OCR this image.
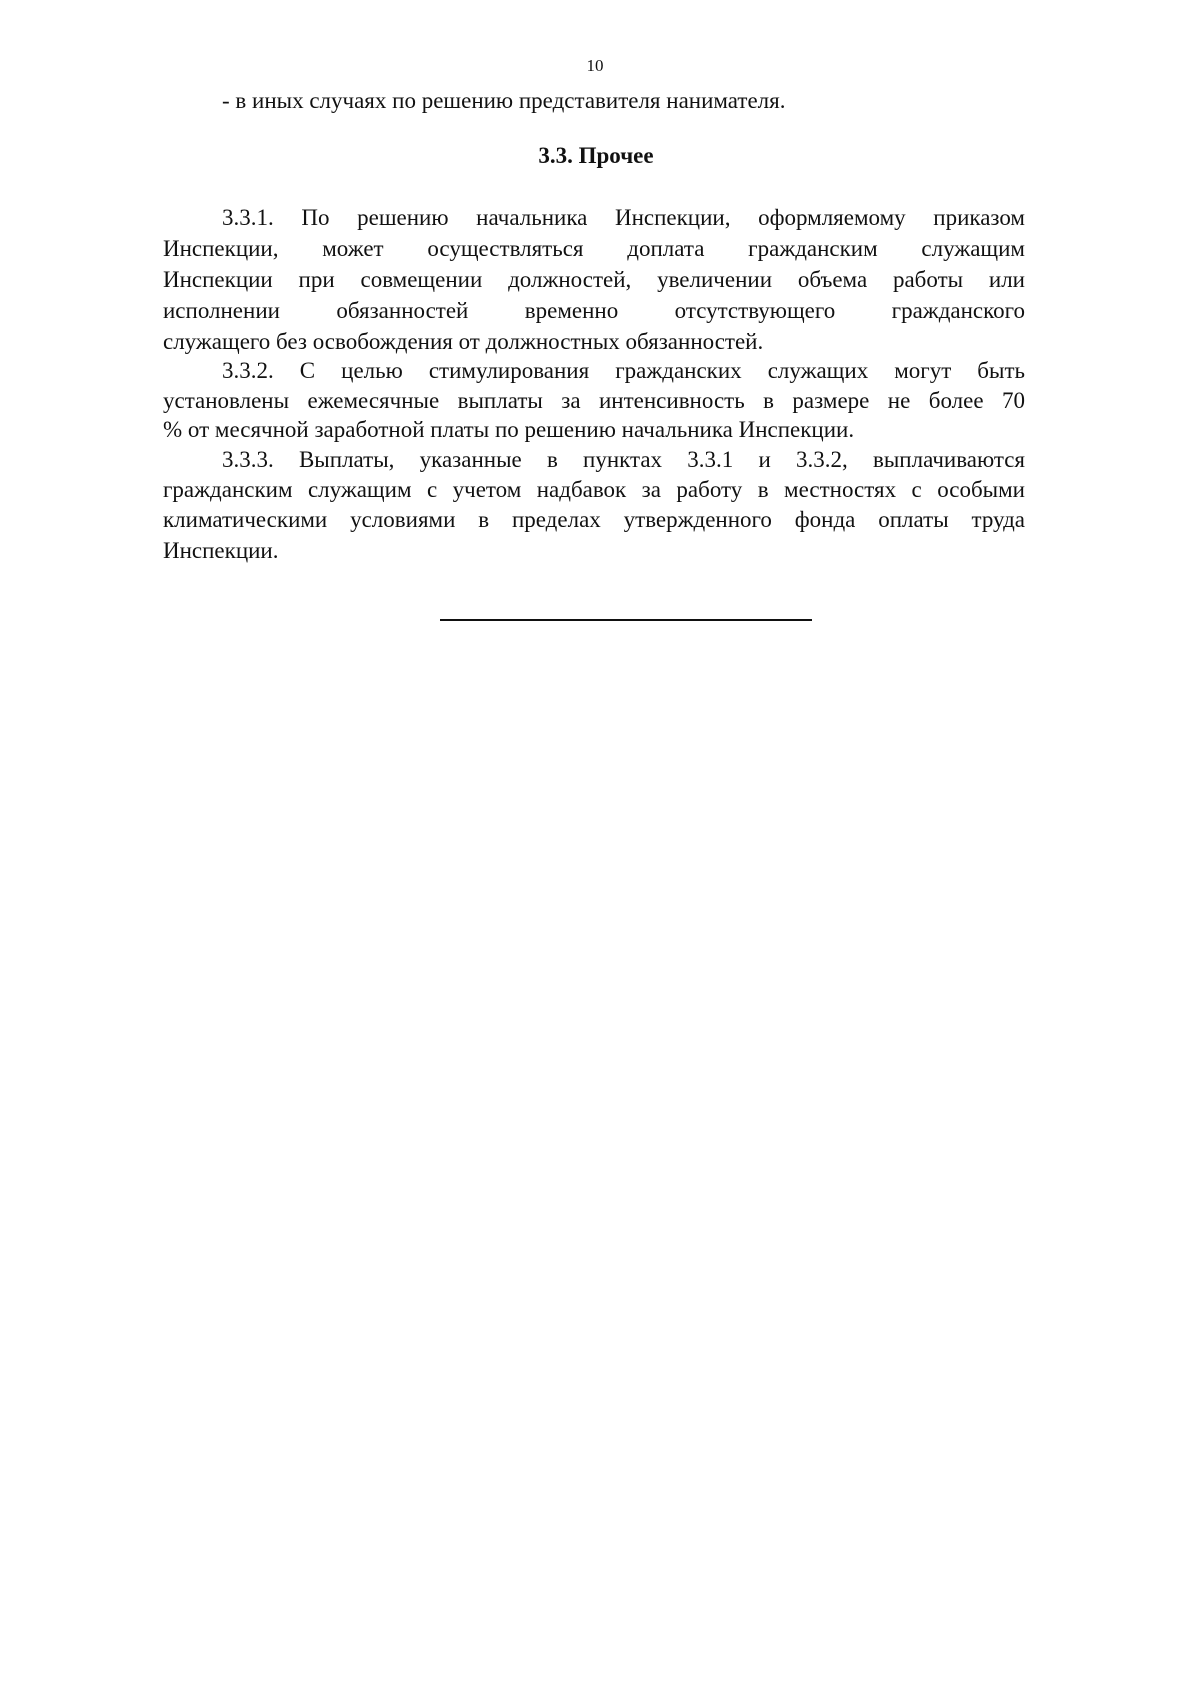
10
- в иных случаях по решению представителя нанимателя.
3.3. Прочее
3.3.1. По решению начальника Инспекции, оформляемому приказом
Инспекции, может осуществляться доплата гражданским служащим
Инспекции при совмещении должностей, увеличении объема работы или
исполнении обязанностей временно отсутствующего гражданского
служащего без освобождения от должностных обязанностей.
3.3.2. С целью стимулирования гражданских служащих могут быть
установлены ежемесячные выплаты за интенсивность в размере не более 70
% от месячной заработной платы по решению начальника Инспекции.
3.3.3. Выплаты, указанные в пунктах 3.3.1 и 3.3.2, выплачиваются
гражданским служащим с учетом надбавок за работу в местностях с особыми
климатическими условиями в пределах утвержденного фонда оплаты труда
Инспекции.
